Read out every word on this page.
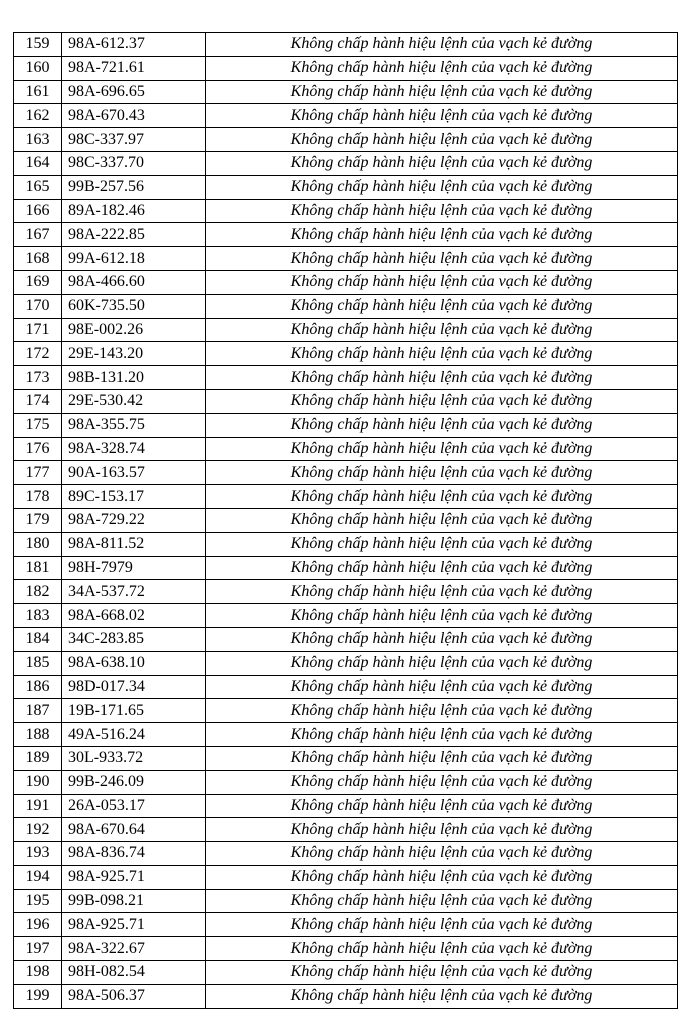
159	98A-612.37	Không chấp hành hiệu lệnh của vạch kẻ đường
160	98A-721.61	Không chấp hành hiệu lệnh của vạch kẻ đường
161	98A-696.65	Không chấp hành hiệu lệnh của vạch kẻ đường
162	98A-670.43	Không chấp hành hiệu lệnh của vạch kẻ đường
163	98C-337.97	Không chấp hành hiệu lệnh của vạch kẻ đường
164	98C-337.70	Không chấp hành hiệu lệnh của vạch kẻ đường
165	99B-257.56	Không chấp hành hiệu lệnh của vạch kẻ đường
166	89A-182.46	Không chấp hành hiệu lệnh của vạch kẻ đường
167	98A-222.85	Không chấp hành hiệu lệnh của vạch kẻ đường
168	99A-612.18	Không chấp hành hiệu lệnh của vạch kẻ đường
169	98A-466.60	Không chấp hành hiệu lệnh của vạch kẻ đường
170	60K-735.50	Không chấp hành hiệu lệnh của vạch kẻ đường
171	98E-002.26	Không chấp hành hiệu lệnh của vạch kẻ đường
172	29E-143.20	Không chấp hành hiệu lệnh của vạch kẻ đường
173	98B-131.20	Không chấp hành hiệu lệnh của vạch kẻ đường
174	29E-530.42	Không chấp hành hiệu lệnh của vạch kẻ đường
175	98A-355.75	Không chấp hành hiệu lệnh của vạch kẻ đường
176	98A-328.74	Không chấp hành hiệu lệnh của vạch kẻ đường
177	90A-163.57	Không chấp hành hiệu lệnh của vạch kẻ đường
178	89C-153.17	Không chấp hành hiệu lệnh của vạch kẻ đường
179	98A-729.22	Không chấp hành hiệu lệnh của vạch kẻ đường
180	98A-811.52	Không chấp hành hiệu lệnh của vạch kẻ đường
181	98H-7979	Không chấp hành hiệu lệnh của vạch kẻ đường
182	34A-537.72	Không chấp hành hiệu lệnh của vạch kẻ đường
183	98A-668.02	Không chấp hành hiệu lệnh của vạch kẻ đường
184	34C-283.85	Không chấp hành hiệu lệnh của vạch kẻ đường
185	98A-638.10	Không chấp hành hiệu lệnh của vạch kẻ đường
186	98D-017.34	Không chấp hành hiệu lệnh của vạch kẻ đường
187	19B-171.65	Không chấp hành hiệu lệnh của vạch kẻ đường
188	49A-516.24	Không chấp hành hiệu lệnh của vạch kẻ đường
189	30L-933.72	Không chấp hành hiệu lệnh của vạch kẻ đường
190	99B-246.09	Không chấp hành hiệu lệnh của vạch kẻ đường
191	26A-053.17	Không chấp hành hiệu lệnh của vạch kẻ đường
192	98A-670.64	Không chấp hành hiệu lệnh của vạch kẻ đường
193	98A-836.74	Không chấp hành hiệu lệnh của vạch kẻ đường
194	98A-925.71	Không chấp hành hiệu lệnh của vạch kẻ đường
195	99B-098.21	Không chấp hành hiệu lệnh của vạch kẻ đường
196	98A-925.71	Không chấp hành hiệu lệnh của vạch kẻ đường
197	98A-322.67	Không chấp hành hiệu lệnh của vạch kẻ đường
198	98H-082.54	Không chấp hành hiệu lệnh của vạch kẻ đường
199	98A-506.37	Không chấp hành hiệu lệnh của vạch kẻ đường
